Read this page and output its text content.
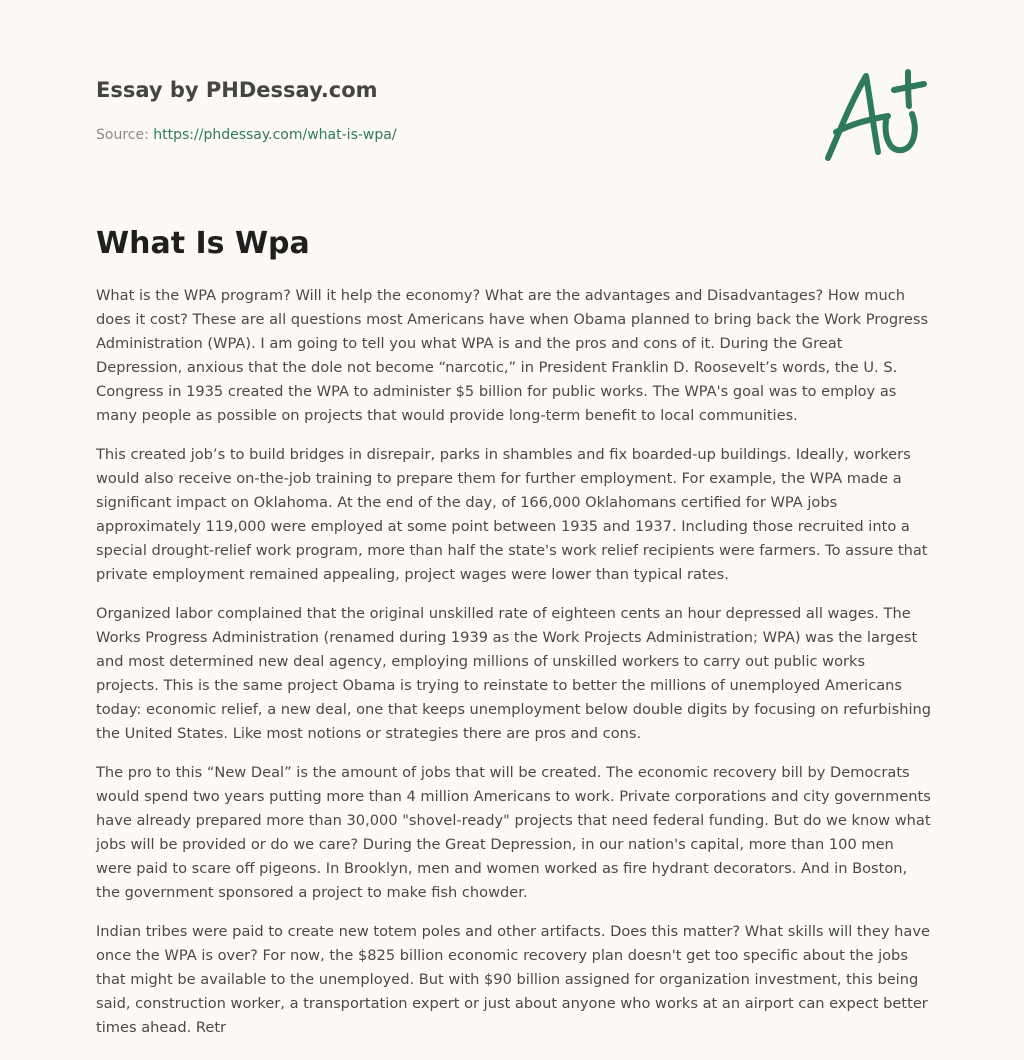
Essay by PHDessay.com
Source: https://phdessay.com/what-is-wpa/
What Is Wpa

What is the WPA program? Will it help the economy? What are the advantages and Disadvantages? How much does it cost? These are all questions most Americans have when Obama planned to bring back the Work Progress Administration (WPA). I am going to tell you what WPA is and the pros and cons of it. During the Great Depression, anxious that the dole not become “narcotic,” in President Franklin D. Roosevelt’s words, the U. S. Congress in 1935 created the WPA to administer $5 billion for public works. The WPA's goal was to employ as many people as possible on projects that would provide long-term benefit to local communities.

This created job’s to build bridges in disrepair, parks in shambles and fix boarded-up buildings. Ideally, workers would also receive on-the-job training to prepare them for further employment. For example, the WPA made a significant impact on Oklahoma. At the end of the day, of 166,000 Oklahomans certified for WPA jobs approximately 119,000 were employed at some point between 1935 and 1937. Including those recruited into a special drought-relief work program, more than half the state's work relief recipients were farmers. To assure that private employment remained appealing, project wages were lower than typical rates.

Organized labor complained that the original unskilled rate of eighteen cents an hour depressed all wages. The Works Progress Administration (renamed during 1939 as the Work Projects Administration; WPA) was the largest and most determined new deal agency, employing millions of unskilled workers to carry out public works projects. This is the same project Obama is trying to reinstate to better the millions of unemployed Americans today: economic relief, a new deal, one that keeps unemployment below double digits by focusing on refurbishing the United States. Like most notions or strategies there are pros and cons.

The pro to this “New Deal” is the amount of jobs that will be created. The economic recovery bill by Democrats would spend two years putting more than 4 million Americans to work. Private corporations and city governments have already prepared more than 30,000 "shovel-ready" projects that need federal funding. But do we know what jobs will be provided or do we care? During the Great Depression, in our nation's capital, more than 100 men were paid to scare off pigeons. In Brooklyn, men and women worked as fire hydrant decorators. And in Boston, the government sponsored a project to make fish chowder.

Indian tribes were paid to create new totem poles and other artifacts. Does this matter? What skills will they have once the WPA is over? For now, the $825 billion economic recovery plan doesn't get too specific about the jobs that might be available to the unemployed. But with $90 billion assigned for organization investment, this being said, construction worker, a transportation expert or just about anyone who works at an airport can expect better times ahead. Retr
